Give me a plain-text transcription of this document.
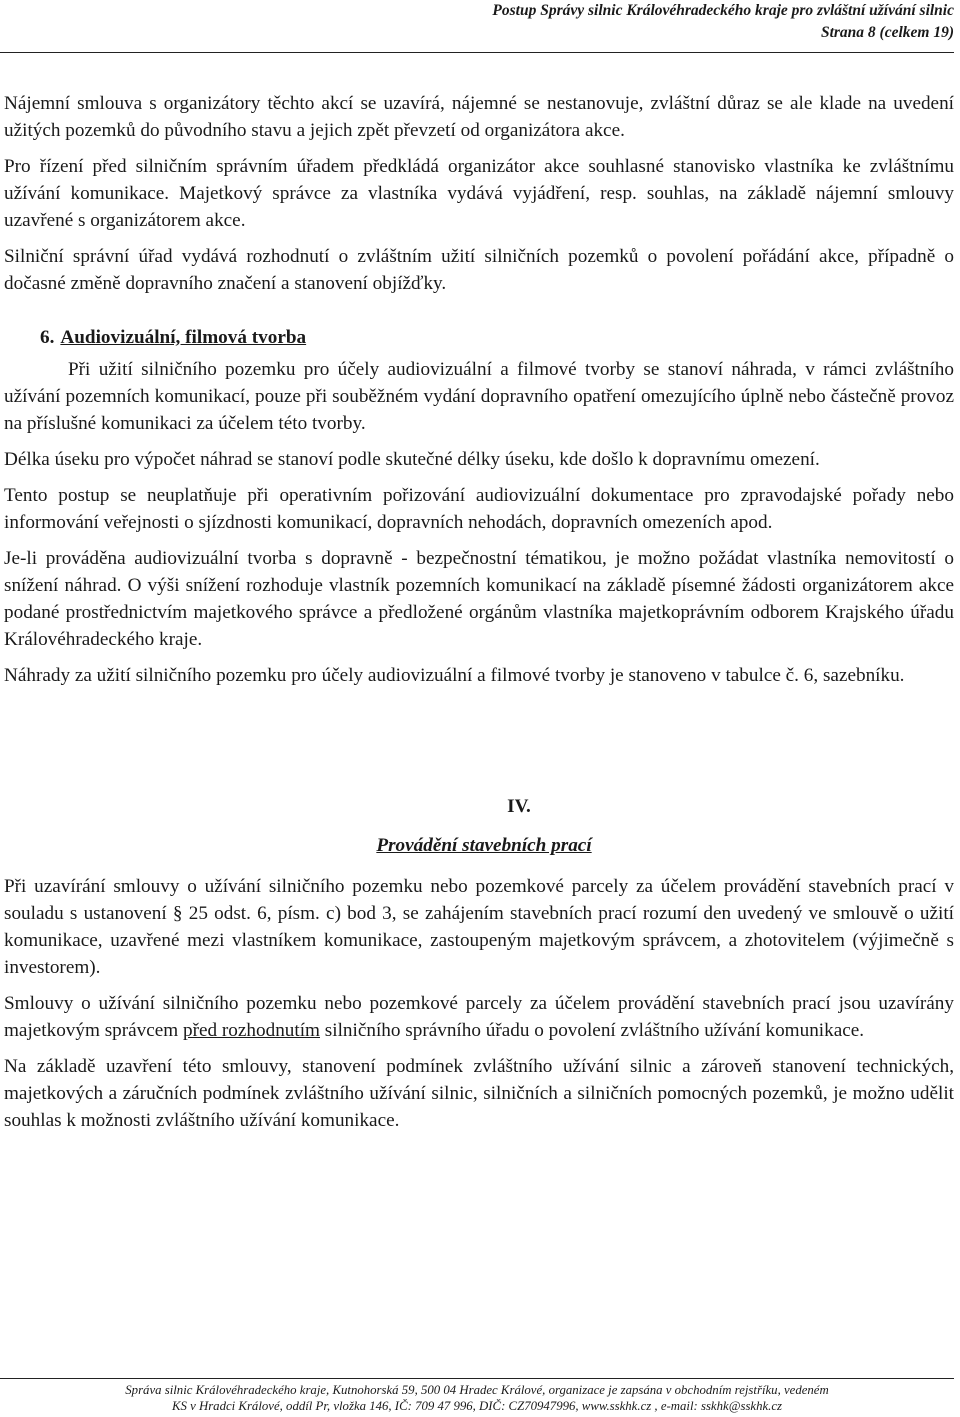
Postup Správy silnic Královéhradeckého kraje pro zvláštní užívání silnic
Strana 8 (celkem 19)

Nájemní smlouva s organizátory těchto akcí se uzavírá, nájemné se nestanovuje, zvláštní důraz se ale klade na uvedení užitých pozemků do původního stavu a jejich zpět převzetí od organizátora akce.

Pro řízení před silničním správním úřadem předkládá organizátor akce souhlasné stanovisko vlastníka ke zvláštnímu užívání komunikace. Majetkový správce za vlastníka vydává vyjádření, resp. souhlas, na základě nájemní smlouvy uzavřené s organizátorem akce.

Silniční správní úřad vydává rozhodnutí o zvláštním užití silničních pozemků o povolení pořádání akce, případně o dočasné změně dopravního značení a stanovení objížďky.

6. Audiovizuální, filmová tvorba

Při užití silničního pozemku pro účely audiovizuální a filmové tvorby se stanoví náhrada, v rámci zvláštního užívání pozemních komunikací, pouze při souběžném vydání dopravního opatření omezujícího úplně nebo částečně provoz na příslušné komunikaci za účelem této tvorby.

Délka úseku pro výpočet náhrad se stanoví podle skutečné délky úseku, kde došlo k dopravnímu omezení.

Tento postup se neuplatňuje při operativním pořizování audiovizuální dokumentace pro zpravodajské pořady nebo informování veřejnosti o sjízdnosti komunikací, dopravních nehodách, dopravních omezeních apod.

Je-li prováděna audiovizuální tvorba s dopravně - bezpečnostní tématikou, je možno požádat vlastníka nemovitostí o snížení náhrad. O výši snížení rozhoduje vlastník pozemních komunikací na základě písemné žádosti organizátorem akce podané prostřednictvím majetkového správce a předložené orgánům vlastníka majetkoprávním odborem Krajského úřadu Královéhradeckého kraje.

Náhrady za užití silničního pozemku pro účely audiovizuální a filmové tvorby je stanoveno v tabulce č. 6, sazebníku.

IV.
Provádění stavebních prací

Při uzavírání smlouvy o užívání silničního pozemku nebo pozemkové parcely za účelem provádění stavebních prací v souladu s ustanovení § 25 odst. 6, písm. c) bod 3, se zahájením stavebních prací rozumí den uvedený ve smlouvě o užití komunikace, uzavřené mezi vlastníkem komunikace, zastoupeným majetkovým správcem, a zhotovitelem (výjimečně s investorem).

Smlouvy o užívání silničního pozemku nebo pozemkové parcely za účelem provádění stavebních prací jsou uzavírány majetkovým správcem před rozhodnutím silničního správního úřadu o povolení zvláštního užívání komunikace.

Na základě uzavření této smlouvy, stanovení podmínek zvláštního užívání silnic a zároveň stanovení technických, majetkových a záručních podmínek zvláštního užívání silnic, silničních a silničních pomocných pozemků, je možno udělit souhlas k možnosti zvláštního užívání komunikace.

Správa silnic Královéhradeckého kraje, Kutnohorská 59, 500 04 Hradec Králové, organizace je zapsána v obchodním rejstříku, vedeném
KS v Hradci Králové, oddíl Pr, vložka 146, IČ: 709 47 996, DIČ: CZ70947996, www.sskhk.cz , e-mail: sskhk@sskhk.cz
